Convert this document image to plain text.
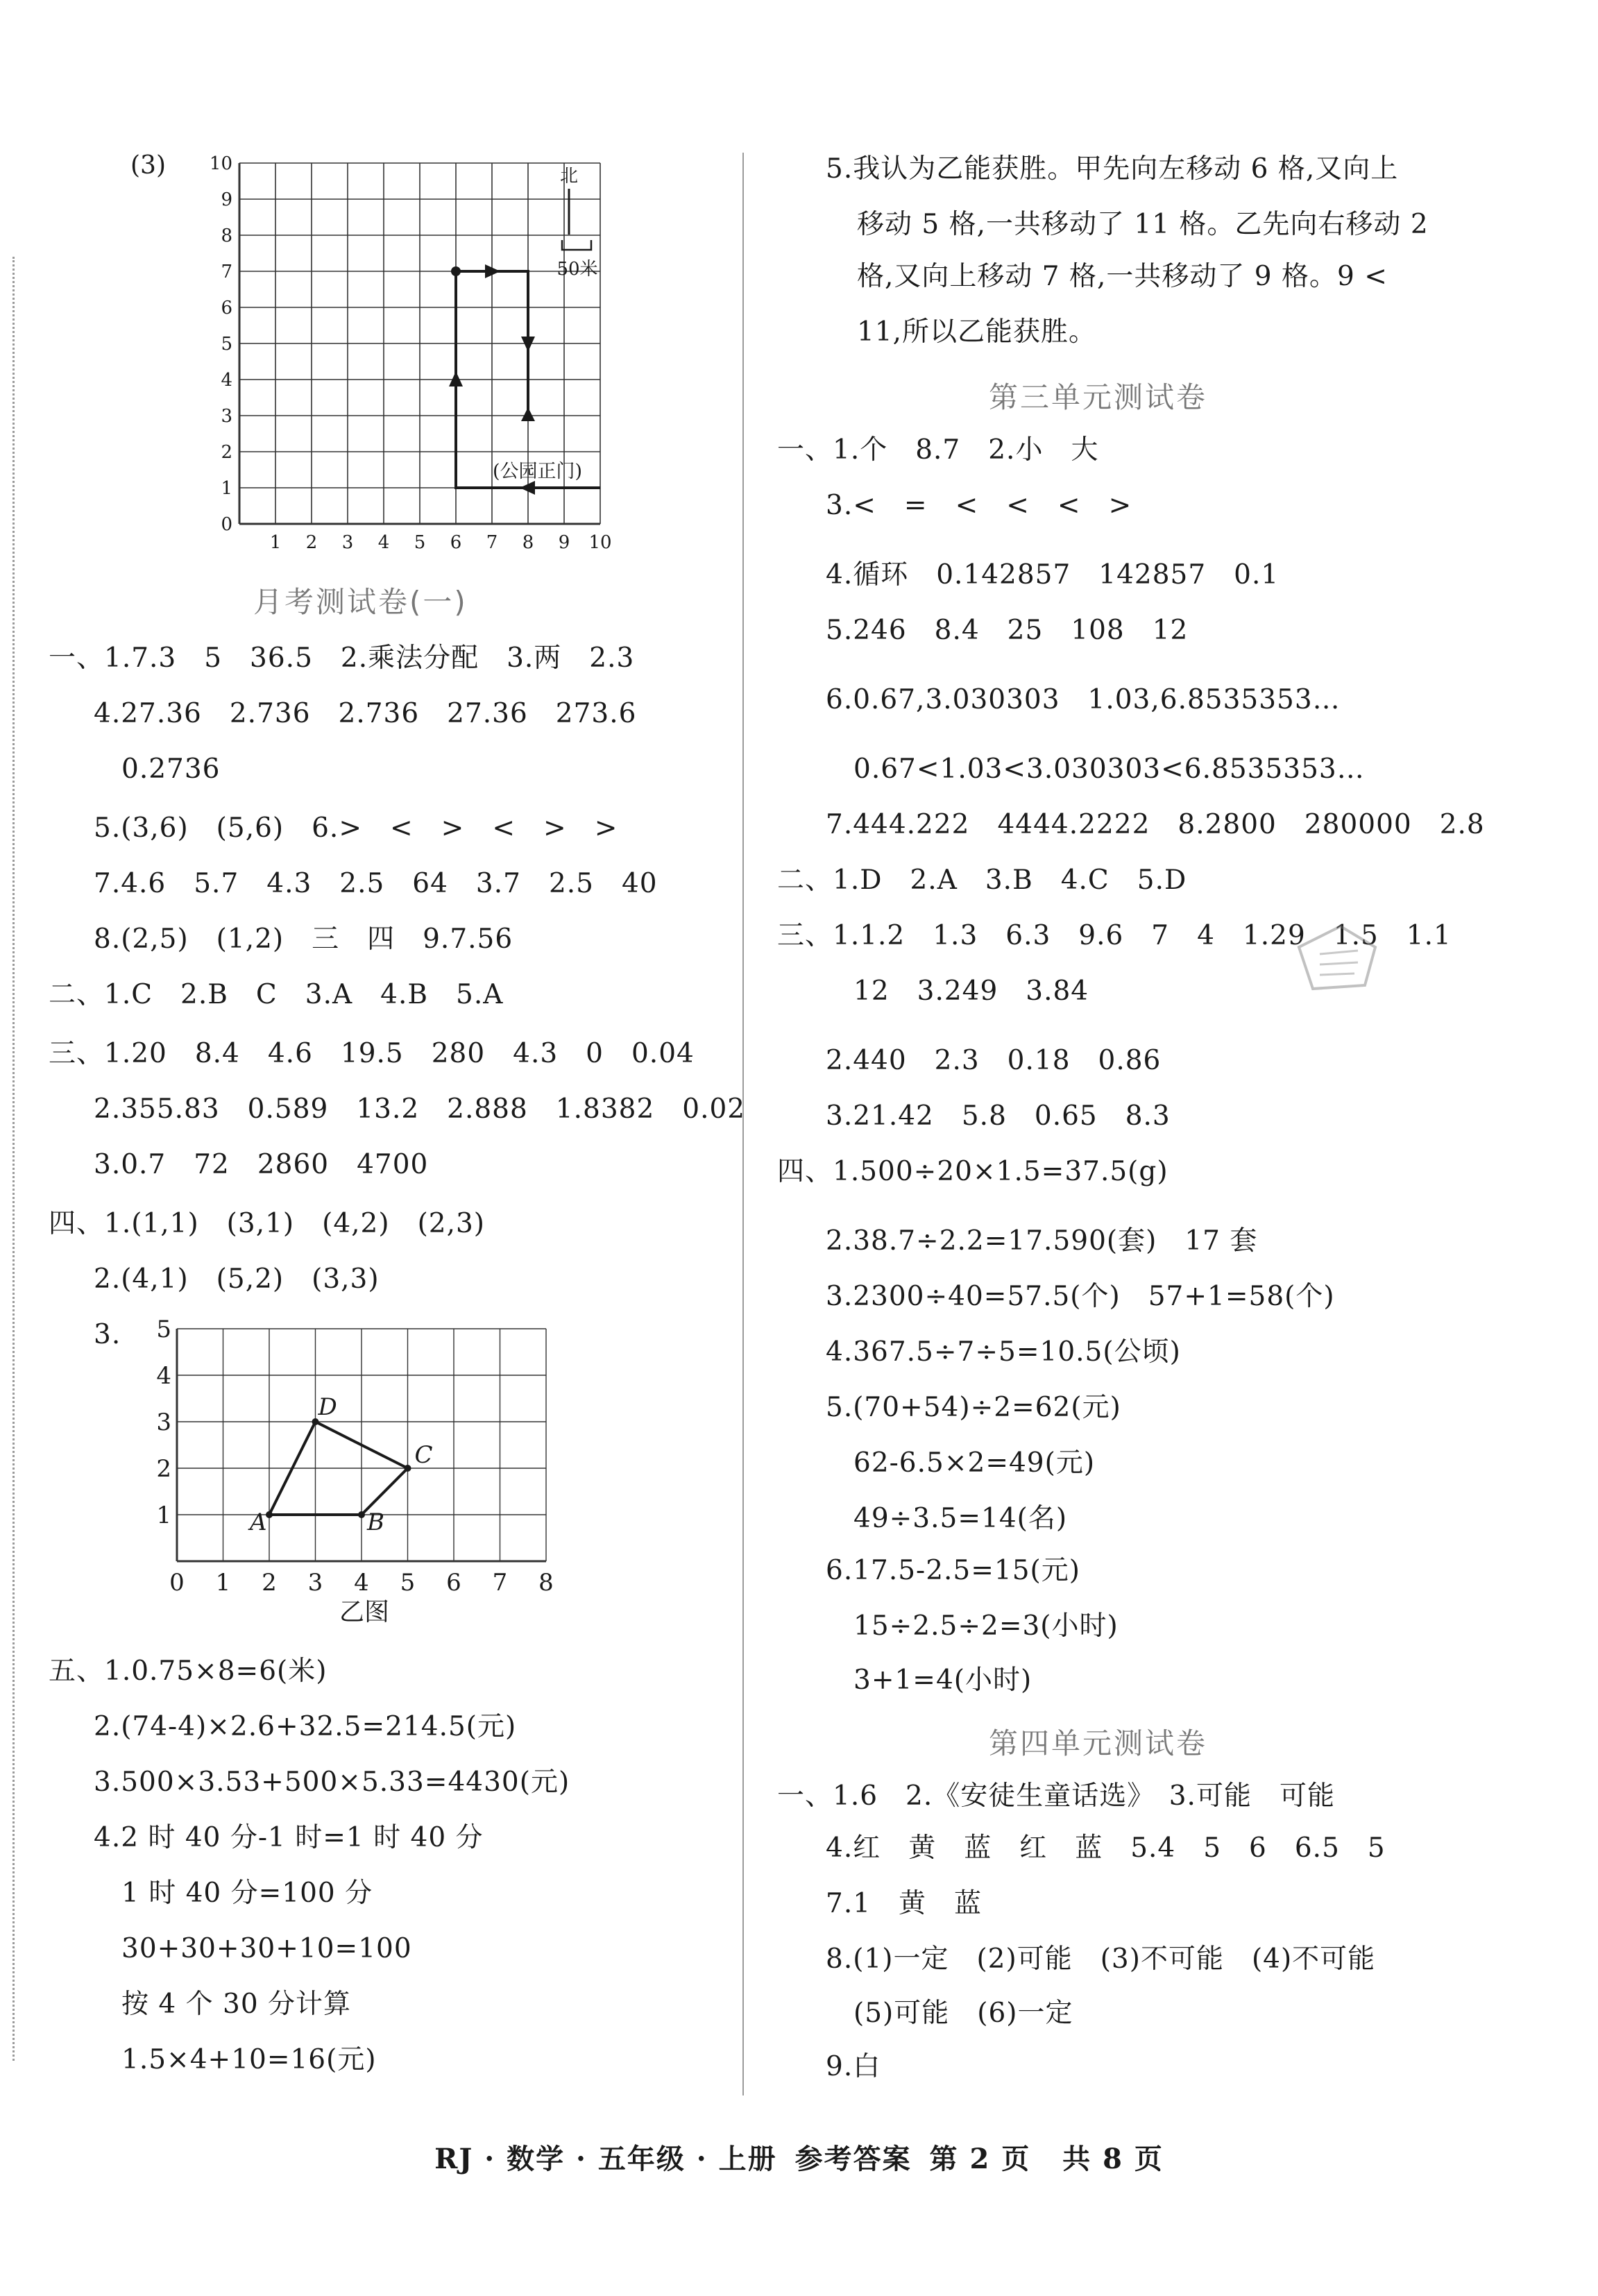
(3)
0
1
2
3
4
5
6
7
8
9
10
1 2 3 4 5 6 7 8 9 10
北
50米
(公园正门)
月考测试卷(一)
一、1.7.3　5　36.5　2.乘法分配　3.两　2.3
4.27.36　2.736　2.736　27.36　273.6
0.2736
5.(3,6)　(5,6)　6.>　<　>　<　>　>
7.4.6　5.7　4.3　2.5　64　3.7　2.5　40
8.(2,5)　(1,2)　三　四　9.7.56
二、1.C　2.B　C　3.A　4.B　5.A
三、1.20　8.4　4.6　19.5　280　4.3　0　0.04
2.355.83　0.589　13.2　2.888　1.8382　0.02
3.0.7　72　2860　4700
四、1.(1,1)　(3,1)　(4,2)　(2,3)
2.(4,1)　(5,2)　(3,3)
3.
1
2
3
4
5
0 1 2 3 4 5 6 7 8
A	B
C
D
乙图
五、1.0.75×8=6(米)
2.(74-4)×2.6+32.5=214.5(元)
3.500×3.53+500×5.33=4430(元)
4.2 时 40 分-1 时=1 时 40 分
1 时 40 分=100 分
30+30+30+10=100
按 4 个 30 分计算
1.5×4+10=16(元)
5.我认为乙能获胜。甲先向左移动 6 格,又向上
移动 5 格,一共移动了 11 格。乙先向右移动 2
格,又向上移动 7 格,一共移动了 9 格。9 <
11,所以乙能获胜。
第三单元测试卷
一、1.个　8.7　2.小　大
3.<　=　<　<　<　>
4.循环　0.142857　142857　0.1
5.246　8.4　25　108　12
6.0.67,3.030303　1.03,6.8535353…
0.67<1.03<3.030303<6.8535353…
7.444.222　4444.2222　8.2800　280000　2.8
二、1.D　2.A　3.B　4.C　5.D
三、1.1.2　1.3　6.3　9.6　7　4　1.29　1.5　1.1
12　3.249　3.84
2.440　2.3　0.18　0.86
3.21.42　5.8　0.65　8.3
四、1.500÷20×1.5=37.5(g)
2.38.7÷2.2=17.590(套)　17 套
3.2300÷40=57.5(个)　57+1=58(个)
4.367.5÷7÷5=10.5(公顷)
5.(70+54)÷2=62(元)
62-6.5×2=49(元)
49÷3.5=14(名)
6.17.5-2.5=15(元)
15÷2.5÷2=3(小时)
3+1=4(小时)
第四单元测试卷
一、1.6　2.《安徒生童话选》　3.可能　可能
4.红　黄　蓝　红　蓝　5.4　5　6　6.5　5
7.1　黄　蓝
8.(1)一定　(2)可能　(3)不可能　(4)不可能
(5)可能　(6)一定
9.白
RJ · 数学 · 五年级 · 上册 参考答案 第 2 页 共 8 页
